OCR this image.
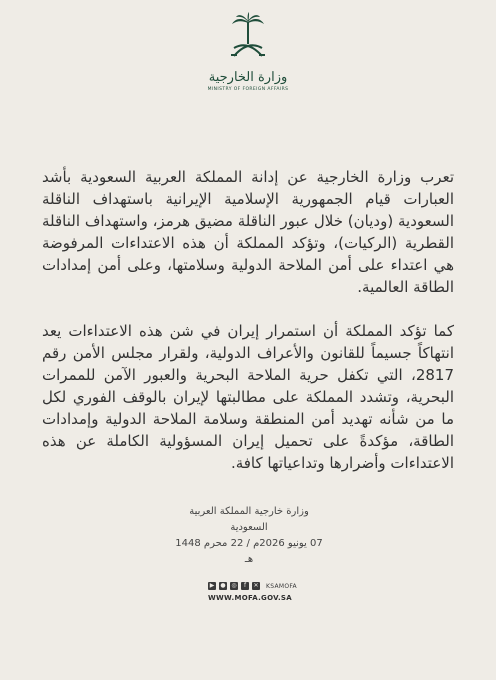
وزارة الخارجية
MINISTRY OF FOREIGN AFFAIRS

تعرب وزارة الخارجية عن إدانة المملكة العربية السعودية بأشد العبارات قيام الجمهورية الإسلامية الإيرانية باستهداف الناقلة السعودية (وديان) خلال عبور الناقلة مضيق هرمز، واستهداف الناقلة القطرية (الركيات)، وتؤكد المملكة أن هذه الاعتداءات المرفوضة هي اعتداء على أمن الملاحة الدولية وسلامتها، وعلى أمن إمدادات الطاقة العالمية.

كما تؤكد المملكة أن استمرار إيران في شن هذه الاعتداءات يعد انتهاكاً جسيماً للقانون والأعراف الدولية، ولقرار مجلس الأمن رقم 2817، التي تكفل حرية الملاحة البحرية والعبور الآمن للممرات البحرية، وتشدد المملكة على مطالبتها لإيران بالوقف الفوري لكل ما من شأنه تهديد أمن المنطقة وسلامة الملاحة الدولية وإمدادات الطاقة، مؤكدةً على تحميل إيران المسؤولية الكاملة عن هذه الاعتداءات وأضرارها وتداعياتها كافة.

وزارة خارجية المملكة العربية السعودية
07 يونيو 2026م / 22 محرم 1448 هـ
▶ ● ◎	f	✕ KSAMOFA
WWW.MOFA.GOV.SA
